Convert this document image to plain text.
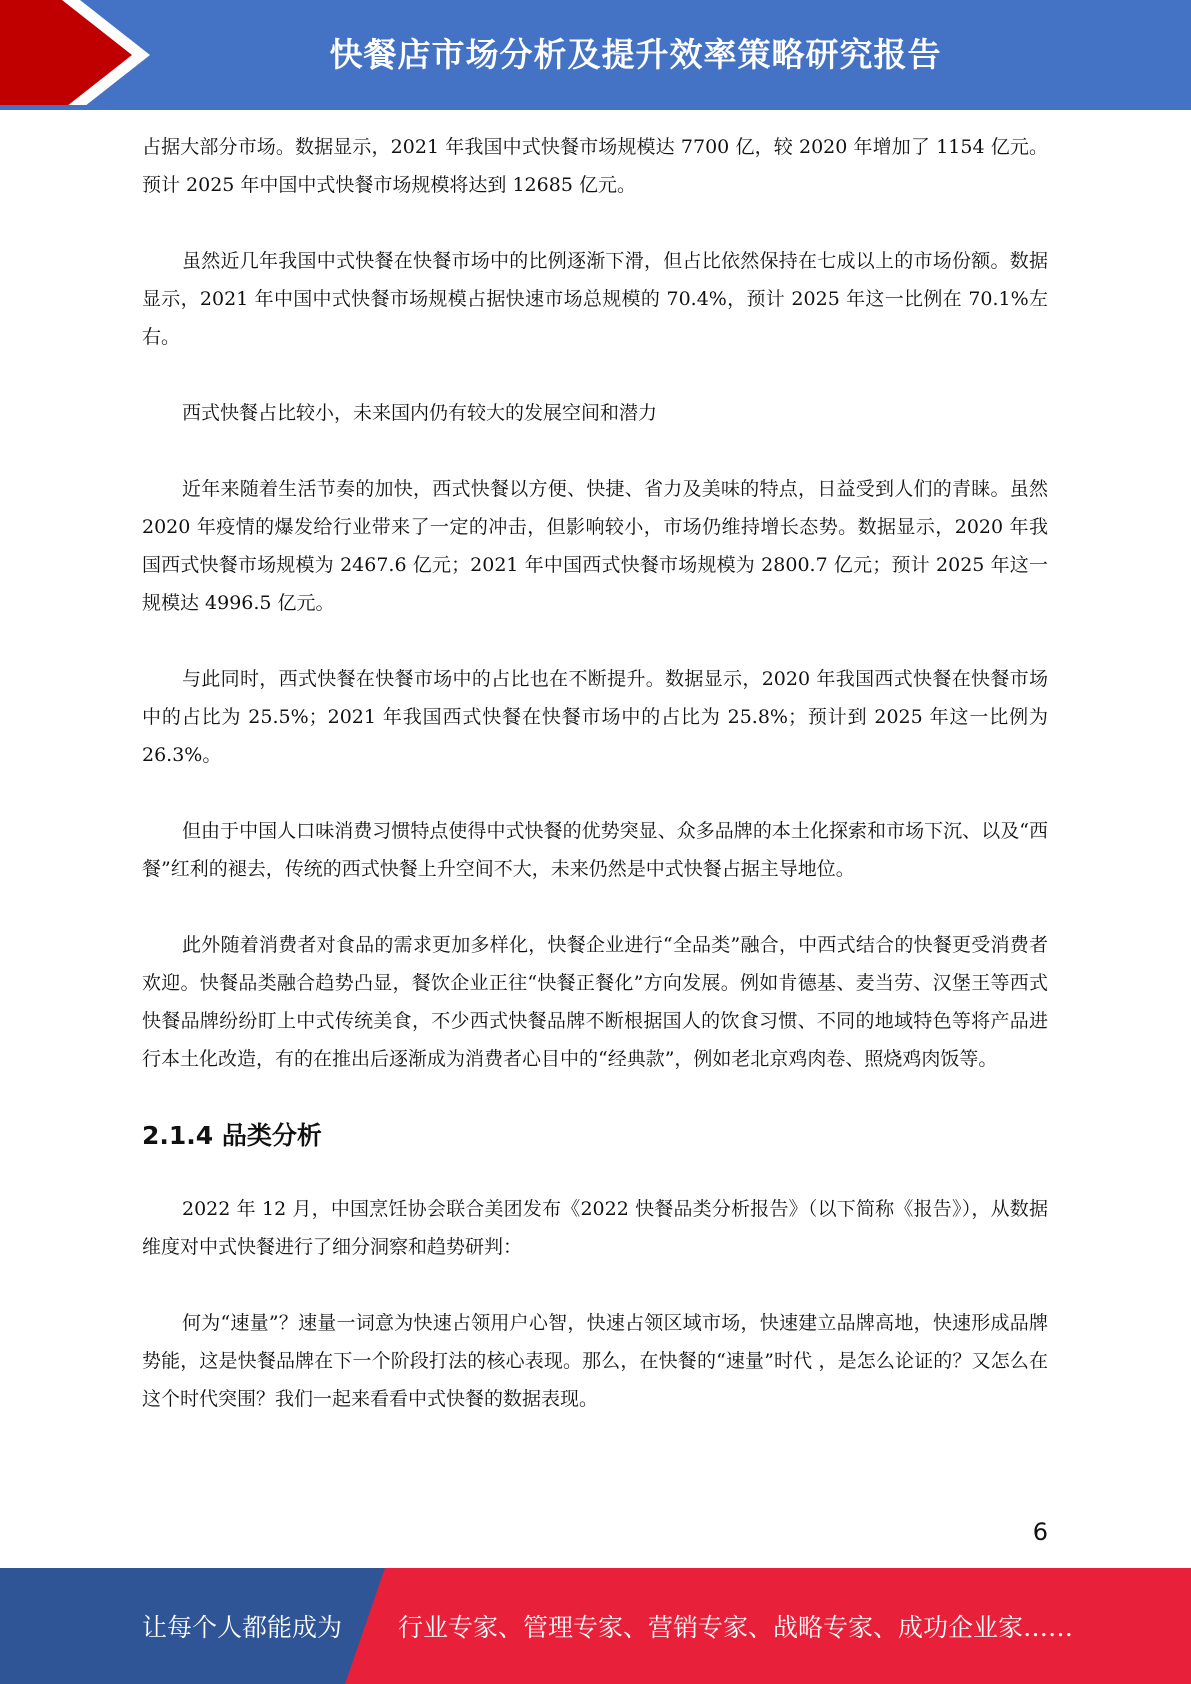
快餐店市场分析及提升效率策略研究报告

占据大部分市场。数据显示，2021 年我国中式快餐市场规模达 7700 亿，较 2020 年增加了 1154 亿元。预计 2025 年中国中式快餐市场规模将达到 12685 亿元。

虽然近几年我国中式快餐在快餐市场中的比例逐渐下滑，但占比依然保持在七成以上的市场份额。数据显示，2021 年中国中式快餐市场规模占据快速市场总规模的 70.4%，预计 2025 年这一比例在 70.1%左右。

西式快餐占比较小，未来国内仍有较大的发展空间和潜力

近年来随着生活节奏的加快，西式快餐以方便、快捷、省力及美味的特点，日益受到人们的青睐。虽然 2020 年疫情的爆发给行业带来了一定的冲击，但影响较小，市场仍维持增长态势。数据显示，2020 年我国西式快餐市场规模为 2467.6 亿元；2021 年中国西式快餐市场规模为 2800.7 亿元；预计 2025 年这一规模达 4996.5 亿元。

与此同时，西式快餐在快餐市场中的占比也在不断提升。数据显示，2020 年我国西式快餐在快餐市场中的占比为 25.5%；2021 年我国西式快餐在快餐市场中的占比为 25.8%；预计到 2025 年这一比例为 26.3%。

但由于中国人口味消费习惯特点使得中式快餐的优势突显、众多品牌的本土化探索和市场下沉、以及“西餐”红利的褪去，传统的西式快餐上升空间不大，未来仍然是中式快餐占据主导地位。

此外随着消费者对食品的需求更加多样化，快餐企业进行“全品类”融合，中西式结合的快餐更受消费者欢迎。快餐品类融合趋势凸显，餐饮企业正往“快餐正餐化”方向发展。例如肯德基、麦当劳、汉堡王等西式快餐品牌纷纷盯上中式传统美食，不少西式快餐品牌不断根据国人的饮食习惯、不同的地域特色等将产品进行本土化改造，有的在推出后逐渐成为消费者心目中的“经典款”，例如老北京鸡肉卷、照烧鸡肉饭等。

2.1.4 品类分析

2022 年 12 月，中国烹饪协会联合美团发布《2022 快餐品类分析报告》（以下简称《报告》），从数据维度对中式快餐进行了细分洞察和趋势研判：

何为“速量”？速量一词意为快速占领用户心智，快速占领区域市场，快速建立品牌高地，快速形成品牌势能，这是快餐品牌在下一个阶段打法的核心表现。那么，在快餐的“速量”时代 ，是怎么论证的？又怎么在这个时代突围？我们一起来看看中式快餐的数据表现。

6
让每个人都能成为 行业专家、管理专家、营销专家、战略专家、成功企业家……
